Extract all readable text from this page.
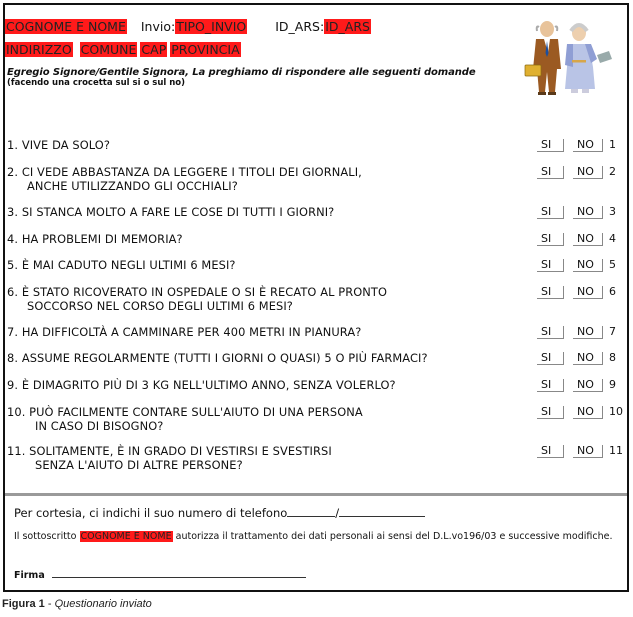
COGNOME E NOME Invio:TIPO_INVIO ID_ARS:ID_ARS
INDIRIZZO COMUNE CAP PROVINCIA
Egregio Signore/Gentile Signora, La preghiamo di rispondere alle seguenti domande
(facendo una crocetta sul si o sul no)
1. VIVE DA SOLO?	SI	NO	1
2. CI VEDE ABBASTANZA DA LEGGERE I TITOLI DEI GIORNALI,
ANCHE UTILIZZANDO GLI OCCHIALI?
SI	NO	2
3. SI STANCA MOLTO A FARE LE COSE DI TUTTI I GIORNI?	SI	NO	3
4. HA PROBLEMI DI MEMORIA?	SI	NO	4
5. È MAI CADUTO NEGLI ULTIMI 6 MESI?	SI	NO	5
6. È STATO RICOVERATO IN OSPEDALE O SI È RECATO AL PRONTO
SOCCORSO NEL CORSO DEGLI ULTIMI 6 MESI?
SI	NO	6
7. HA DIFFICOLTÀ A CAMMINARE PER 400 METRI IN PIANURA?	SI	NO	7
8. ASSUME REGOLARMENTE (TUTTI I GIORNI O QUASI) 5 O PIÙ FARMACI?	SI	NO	8
9. È DIMAGRITO PIÙ DI 3 KG NELL'ULTIMO ANNO, SENZA VOLERLO?	SI	NO	9
10. PUÒ FACILMENTE CONTARE SULL'AIUTO DI UNA PERSONA
IN CASO DI BISOGNO?
SI	NO	10
11. SOLITAMENTE, È IN GRADO DI VESTIRSI E SVESTIRSI
SENZA L'AIUTO DI ALTRE PERSONE?
SI	NO	11
Per cortesia, ci indichi il suo numero di telefono	/
Il sottoscritto COGNOME E NOME autorizza il trattamento dei dati personali ai sensi del D.L.vo196/03 e successive modifiche.
Firma
Figura 1 - Questionario inviato
